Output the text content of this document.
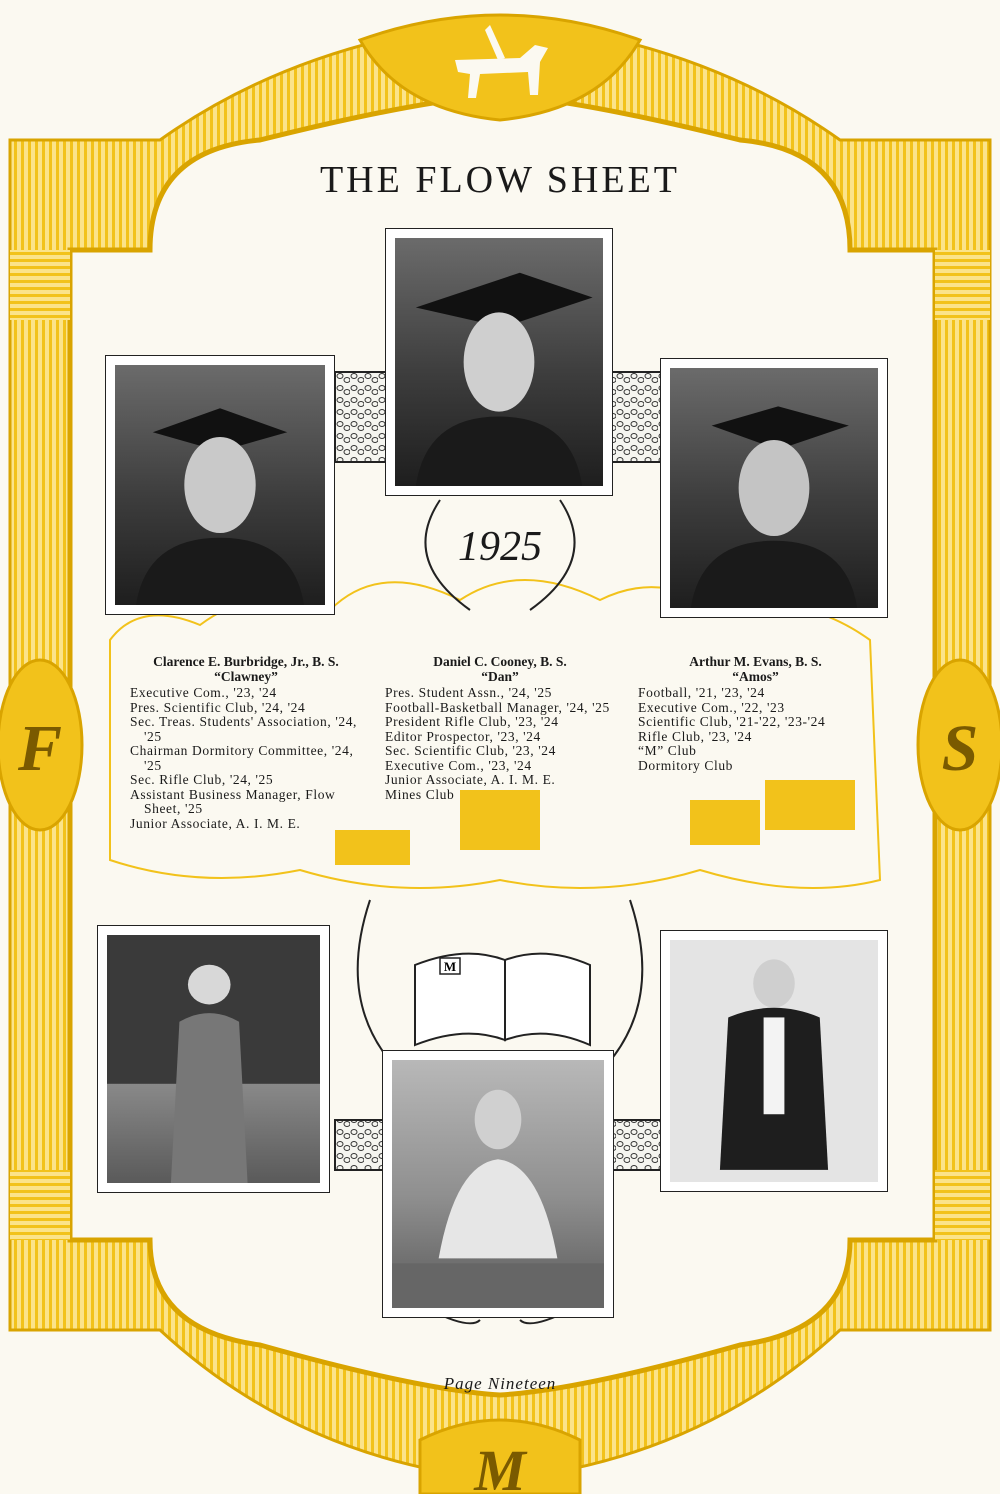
M
1925
F	S
M
THE FLOW SHEET
Clarence E. Burbridge, Jr., B. S.
“Clawney”
Executive Com., '23, '24
Pres. Scientific Club, '24, '24
Sec. Treas. Students' Association, '24, '25
Chairman Dormitory Committee, '24, '25
Sec. Rifle Club, '24, '25
Assistant Business Manager, Flow Sheet, '25
Junior Associate, A. I. M. E.
Daniel C. Cooney, B. S.
“Dan”
Pres. Student Assn., '24, '25
Football-Basketball Manager, '24, '25
President Rifle Club, '23, '24
Editor Prospector, '23, '24
Sec. Scientific Club, '23, '24
Executive Com., '23, '24
Junior Associate, A. I. M. E.
Mines Club
Arthur M. Evans, B. S.
“Amos”
Football, '21, '23, '24
Executive Com., '22, '23
Scientific Club, '21-'22, '23-'24
Rifle Club, '23, '24
“M” Club
Dormitory Club
Page Nineteen
